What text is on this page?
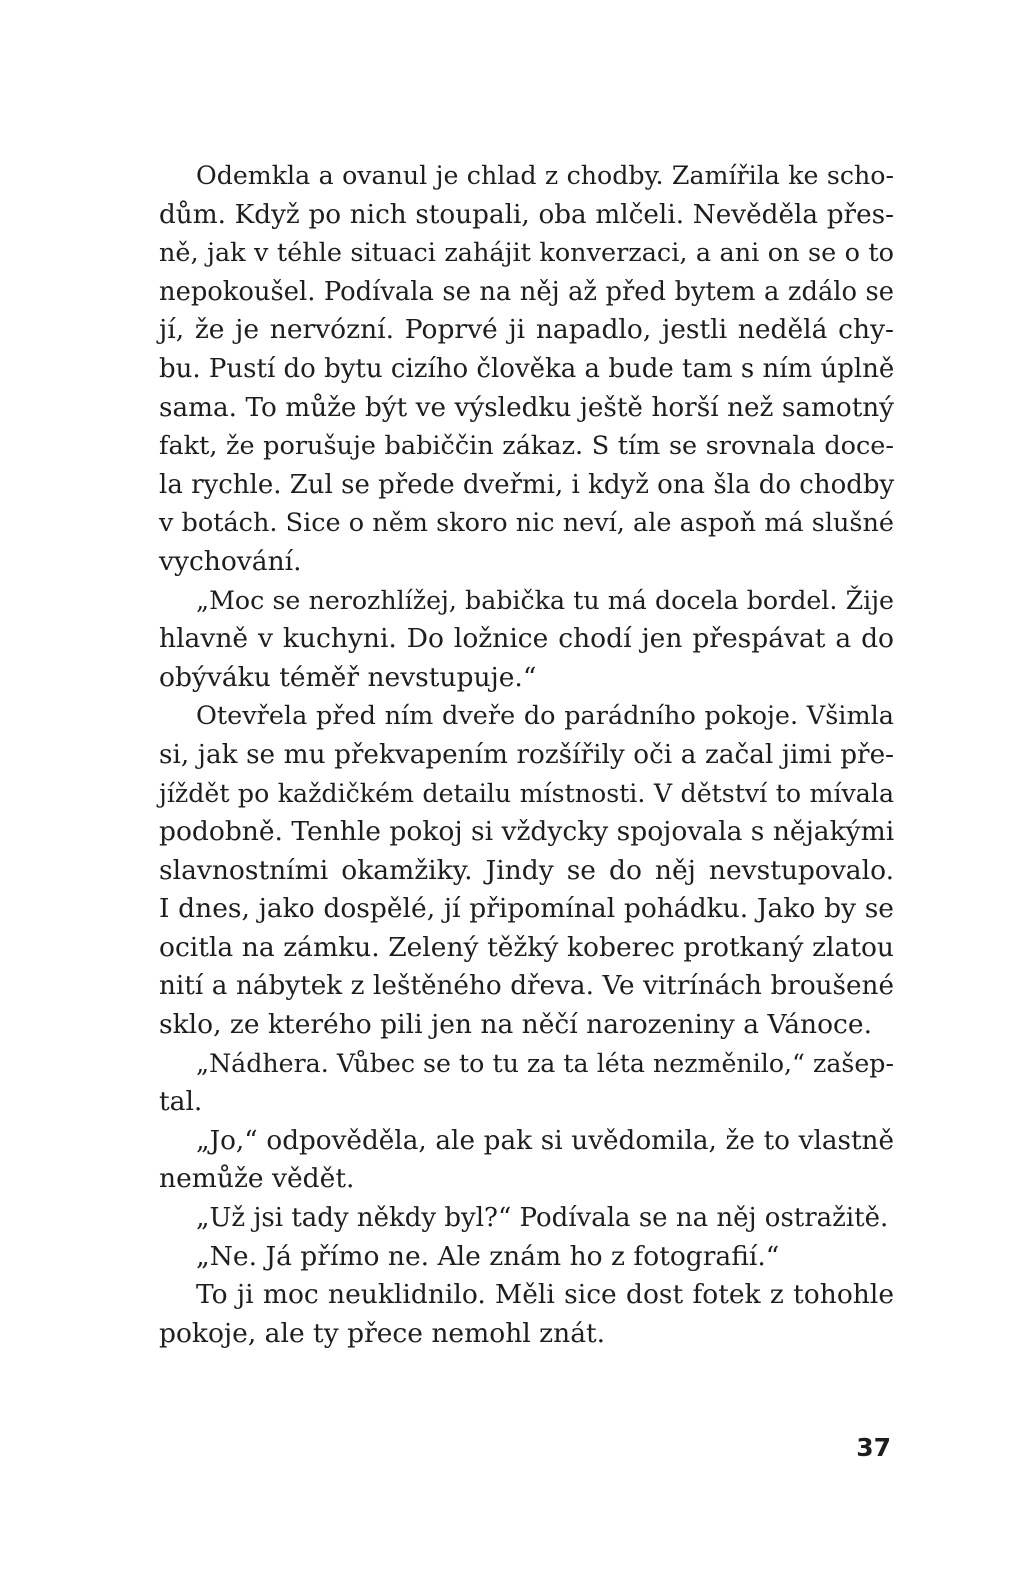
Odemkla a ovanul je chlad z chodby. Zamířila ke scho-
dům. Když po nich stoupali, oba mlčeli. Nevěděla přes-
ně, jak v téhle situaci zahájit konverzaci, a ani on se o to
nepokoušel. Podívala se na něj až před bytem a zdálo se
jí, že je nervózní. Poprvé ji napadlo, jestli nedělá chy-
bu. Pustí do bytu cizího člověka a bude tam s ním úplně
sama. To může být ve výsledku ještě horší než samotný
fakt, že porušuje babiččin zákaz. S tím se srovnala doce-
la rychle. Zul se přede dveřmi, i když ona šla do chodby
v botách. Sice o něm skoro nic neví, ale aspoň má slušné
vychování.
„Moc se nerozhlížej, babička tu má docela bordel. Žije
hlavně v kuchyni. Do ložnice chodí jen přespávat a do
obýváku téměř nevstupuje.“
Otevřela před ním dveře do parádního pokoje. Všimla
si, jak se mu překvapením rozšířily oči a začal jimi pře-
jíždět po každičkém detailu místnosti. V dětství to mívala
podobně. Tenhle pokoj si vždycky spojovala s nějakými
slavnostními okamžiky. Jindy se do něj nevstupovalo.
I dnes, jako dospělé, jí připomínal pohádku. Jako by se
ocitla na zámku. Zelený těžký koberec protkaný zlatou
nití a nábytek z leštěného dřeva. Ve vitrínách broušené
sklo, ze kterého pili jen na něčí narozeniny a Vánoce.
„Nádhera. Vůbec se to tu za ta léta nezměnilo,“ zašep-
tal.
„Jo,“ odpověděla, ale pak si uvědomila, že to vlastně
nemůže vědět.
„Už jsi tady někdy byl?“ Podívala se na něj ostražitě.
„Ne. Já přímo ne. Ale znám ho z fotografií.“
To ji moc neuklidnilo. Měli sice dost fotek z tohohle
pokoje, ale ty přece nemohl znát.
37
